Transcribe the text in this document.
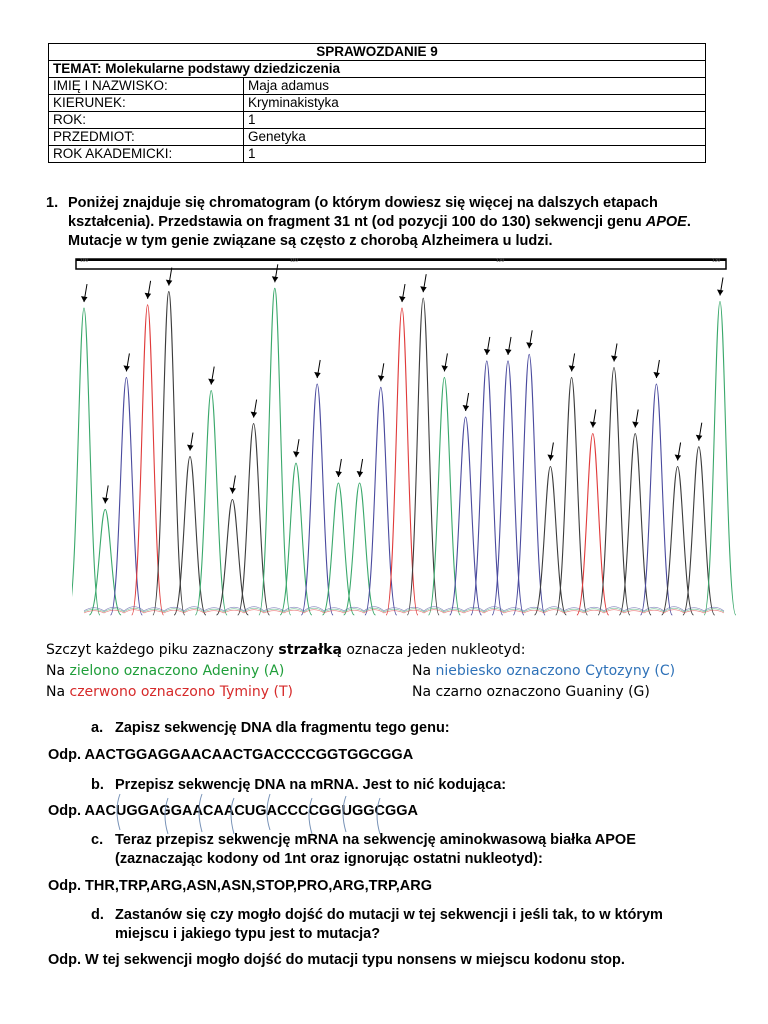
SPRAWOZDANIE 9	
TEMAT: Molekularne podstawy dziedziczenia	
IMIĘ I NAZWISKO:	Maja adamus
KIERUNEK:	Kryminakistyka
ROK:	1
PRZEDMIOT:	Genetyka
ROK AKADEMICKI:	1
1. Poniżej znajduje się chromatogram (o którym dowiesz się więcej na dalszych etapach kształcenia). Przedstawia on fragment 31 nt (od pozycji 100 do 130) sekwencji genu APOE. Mutacje w tym genie związane są często z chorobą Alzheimera u ludzi.
100	110	120	130
Szczyt każdego piku zaznaczony strzałką oznacza jeden nukleotyd:
Na zielono oznaczono Adeniny (A)	Na niebiesko oznaczono Cytozyny (C)
Na czerwono oznaczono Tyminy (T)	Na czarno oznaczono Guaniny (G)
a. Zapisz sekwencję DNA dla fragmentu tego genu:
Odp. AACTGGAGGAACAACTGACCCCGGTGGCGGA
b. Przepisz sekwencję DNA na mRNA. Jest to nić kodująca:
Odp. AACUGGAGGAACAACUGACCCCGGUGGCGGA
c. Teraz przepisz sekwencję mRNA na sekwencję aminokwasową białka APOE (zaznaczając kodony od 1nt oraz ignorując ostatni nukleotyd):
Odp. THR,TRP,ARG,ASN,ASN,STOP,PRO,ARG,TRP,ARG
d. Zastanów się czy mogło dojść do mutacji w tej sekwencji i jeśli tak, to w którym miejscu i jakiego typu jest to mutacja?
Odp. W tej sekwencji mogło dojść do mutacji typu nonsens w miejscu kodonu stop.
